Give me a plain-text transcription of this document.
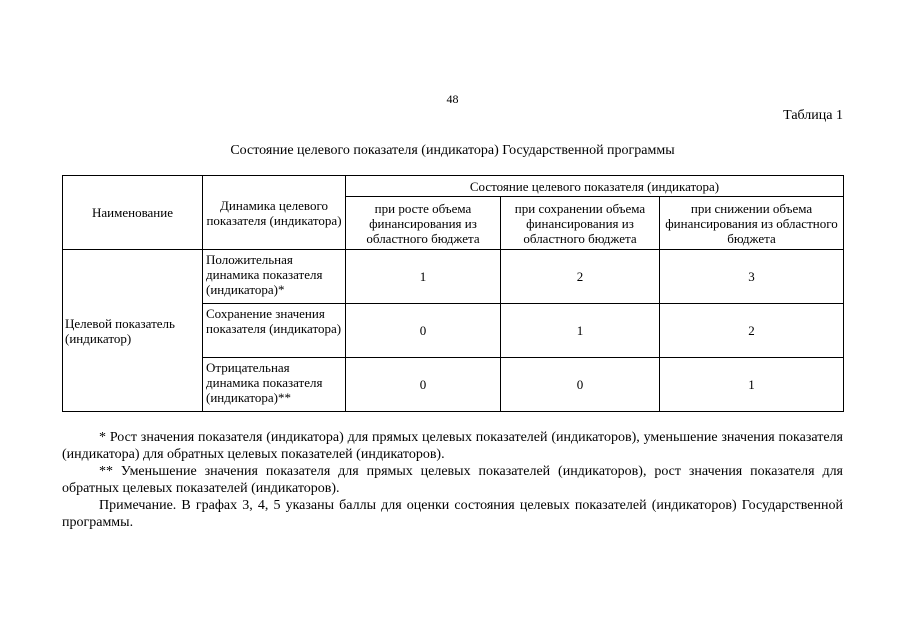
48
Таблица 1
Состояние целевого показателя (индикатора) Государственной программы
Наименование	Динамика целевого показателя (индикатора)	Состояние целевого показателя (индикатора)		
		при росте объема финансирования из областного бюджета	при сохранении объема финансирования из областного бюджета	при снижении объема финансирования из областного бюджета
Целевой показатель (индикатор)	Положительная динамика показателя (индикатора)*	1	2	3
	Сохранение значения показателя (индикатора)	0	1	2
	Отрицательная динамика показателя (индикатора)**	0	0	1

* Рост значения показателя (индикатора) для прямых целевых показателей (индикаторов), уменьшение значения показателя (индикатора) для обратных целевых показателей (индикаторов).

** Уменьшение значения показателя для прямых целевых показателей (индикаторов), рост значения показателя для обратных целевых показателей (индикаторов).

Примечание. В графах 3, 4, 5 указаны баллы для оценки состояния целевых показателей (индикаторов) Государственной программы.
